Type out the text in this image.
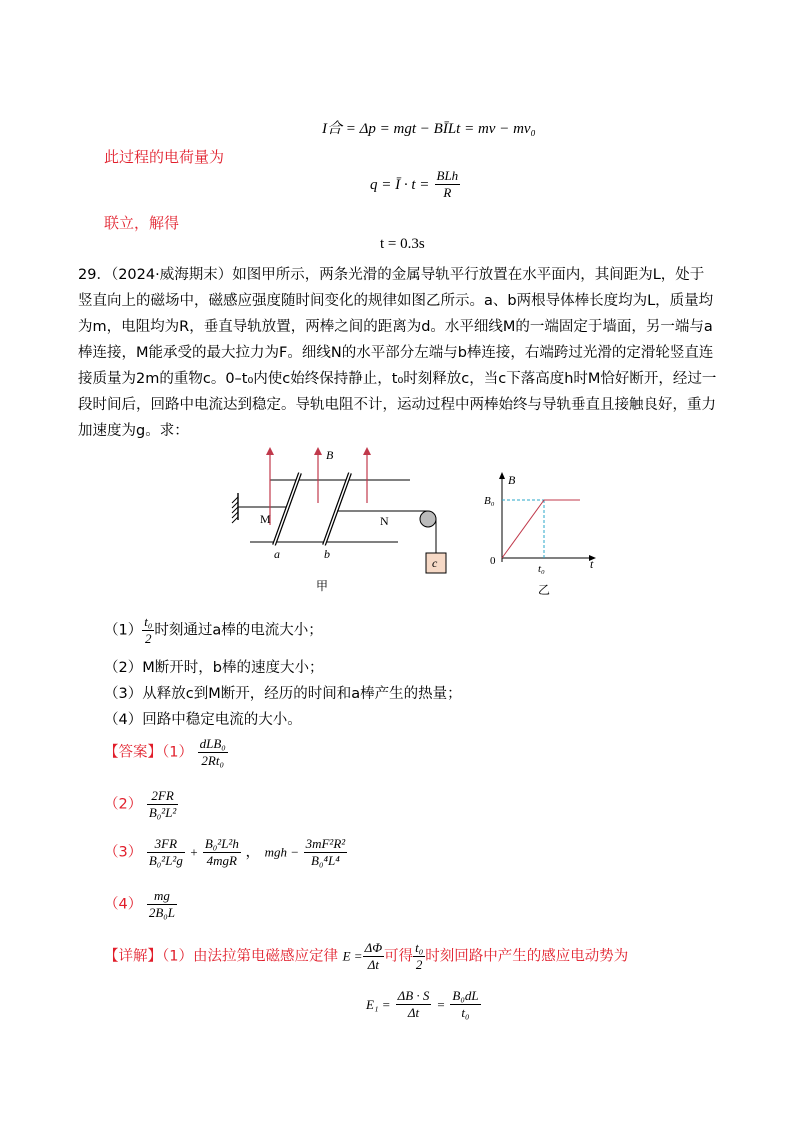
I合 = Δp = mgt − BĪLt = mv − mv₀
此过程的电荷量为
q = Ī · $t = \frac{\text{BLh}}{R}$
联立，解得
t = 0.3s
29．（2024·威海期末）如图甲所示，两条光滑的金属导轨平行放置在水平面内，其间距为L，处于竖直向上的磁场中，磁感应强度随时间变化的规律如图乙所示。a、b两根导体棒长度均为L，质量均为m，电阻均为R，垂直导轨放置，两棒之间的距离为d。水平细线M的一端固定于墙面，另一端与a棒连接，M能承受的最大拉力为F。细线N的水平部分左端与b棒连接，右端跨过光滑的定滑轮竖直连接质量为2m的重物c。0–t₀内使c始终保持静止，t₀时刻释放c，当c下落高度h时M恰好断开，经过一段时间后，回路中电流达到稳定。导轨电阻不计，运动过程中两棒始终与导轨垂直且接触良好，重力加速度为g。求：
B
M	N
a	b
c
甲
B
B₀
0
t₀	t
乙
$(1) \frac{\text{t₀}}{2}$ 时刻通过a棒的电流大小；
（2）M断开时，b棒的速度大小；
（3）从释放c到M断开，经历的时间和a棒产生的热量；
（4）回路中稳定电流的大小。
【答案】$(1) \frac{\text{dLB₀}}{\text{2Rt₀}}$
$(2) \frac{2FR}{\text{B₀²L²}}$
$(3) \frac{3FR}{\text{B₀²L²g}} + \frac{\text{B₀²L²h}}{\text{4mgR}}$ ， mgh − $\frac{\text{3mF²R²}}{\text{B₀⁴L⁴}}$
$(4) \frac{mg}{\text{2B₀L}}$
【详解】（1）由法拉第电磁感应定律 $E = \frac{\Delta\Phi}{\Delta t}$ 可得 $\frac{\text{t₀}}{2}$ 时刻回路中产生的感应电动势为
$E_1 = \frac{\Delta B \cdot S}{\Delta t} = \frac{\text{B₀dL}}{\text{t₀}}$
